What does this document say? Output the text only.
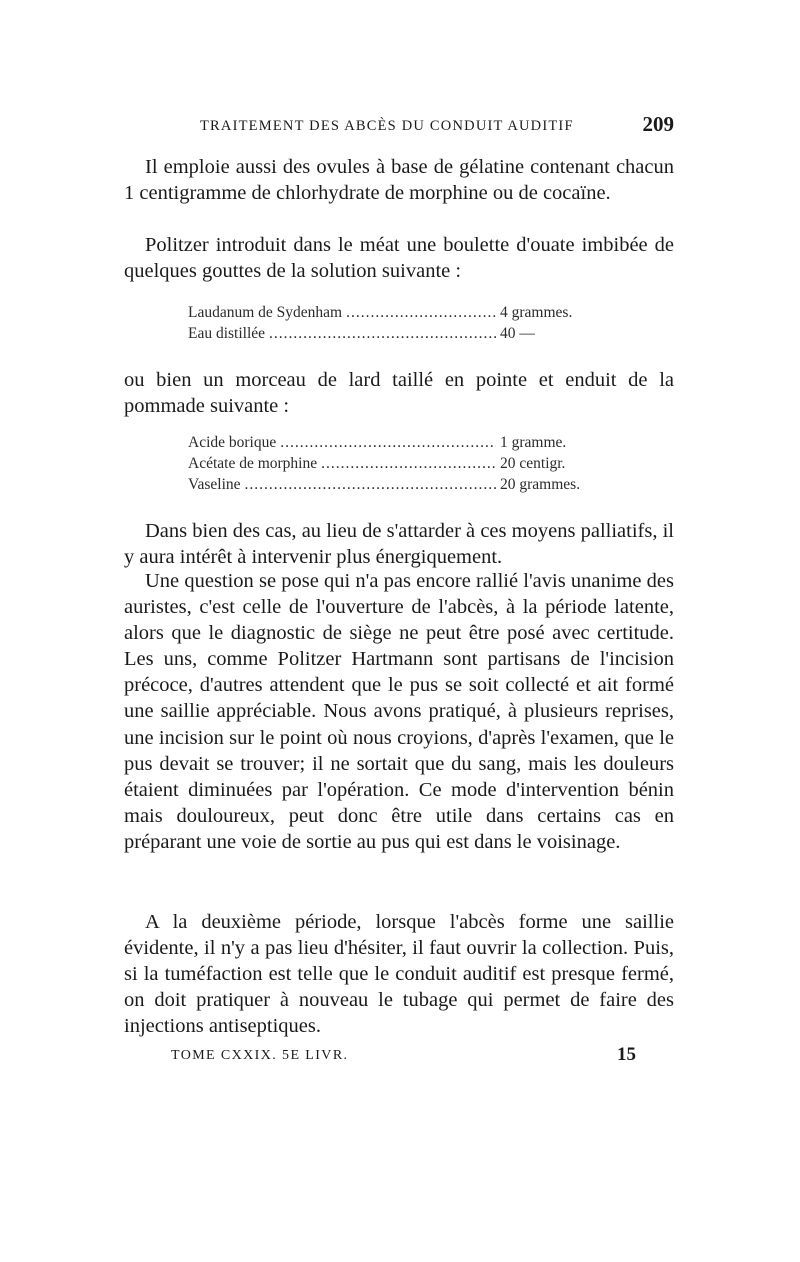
TRAITEMENT DES ABCÈS DU CONDUIT AUDITIF	209

Il emploie aussi des ovules à base de gélatine contenant chacun 1 centigramme de chlorhydrate de morphine ou de cocaïne.

Politzer introduit dans le méat une boulette d'ouate imbibée de quelques gouttes de la solution suivante :

Laudanum de Sydenham .....	4 grammes.
Eau distillée .....	40 —

ou bien un morceau de lard taillé en pointe et enduit de la pommade suivante :

Acide borique .....	1 gramme.
Acétate de morphine .....	20 centigr.
Vaseline .....	20 grammes.

Dans bien des cas, au lieu de s'attarder à ces moyens palliatifs, il y aura intérêt à intervenir plus énergiquement.

Une question se pose qui n'a pas encore rallié l'avis unanime des auristes, c'est celle de l'ouverture de l'abcès, à la période latente, alors que le diagnostic de siège ne peut être posé avec certitude. Les uns, comme Politzer Hartmann sont partisans de l'incision précoce, d'autres attendent que le pus se soit collecté et ait formé une saillie appréciable. Nous avons pratiqué, à plusieurs reprises, une incision sur le point où nous croyions, d'après l'examen, que le pus devait se trouver; il ne sortait que du sang, mais les douleurs étaient diminuées par l'opération. Ce mode d'intervention bénin mais douloureux, peut donc être utile dans certains cas en préparant une voie de sortie au pus qui est dans le voisinage.

A la deuxième période, lorsque l'abcès forme une saillie évidente, il n'y a pas lieu d'hésiter, il faut ouvrir la collection. Puis, si la tuméfaction est telle que le conduit auditif est presque fermé, on doit pratiquer à nouveau le tubage qui permet de faire des injections antiseptiques.

TOME CXXIX. 5E LIVR.	15
